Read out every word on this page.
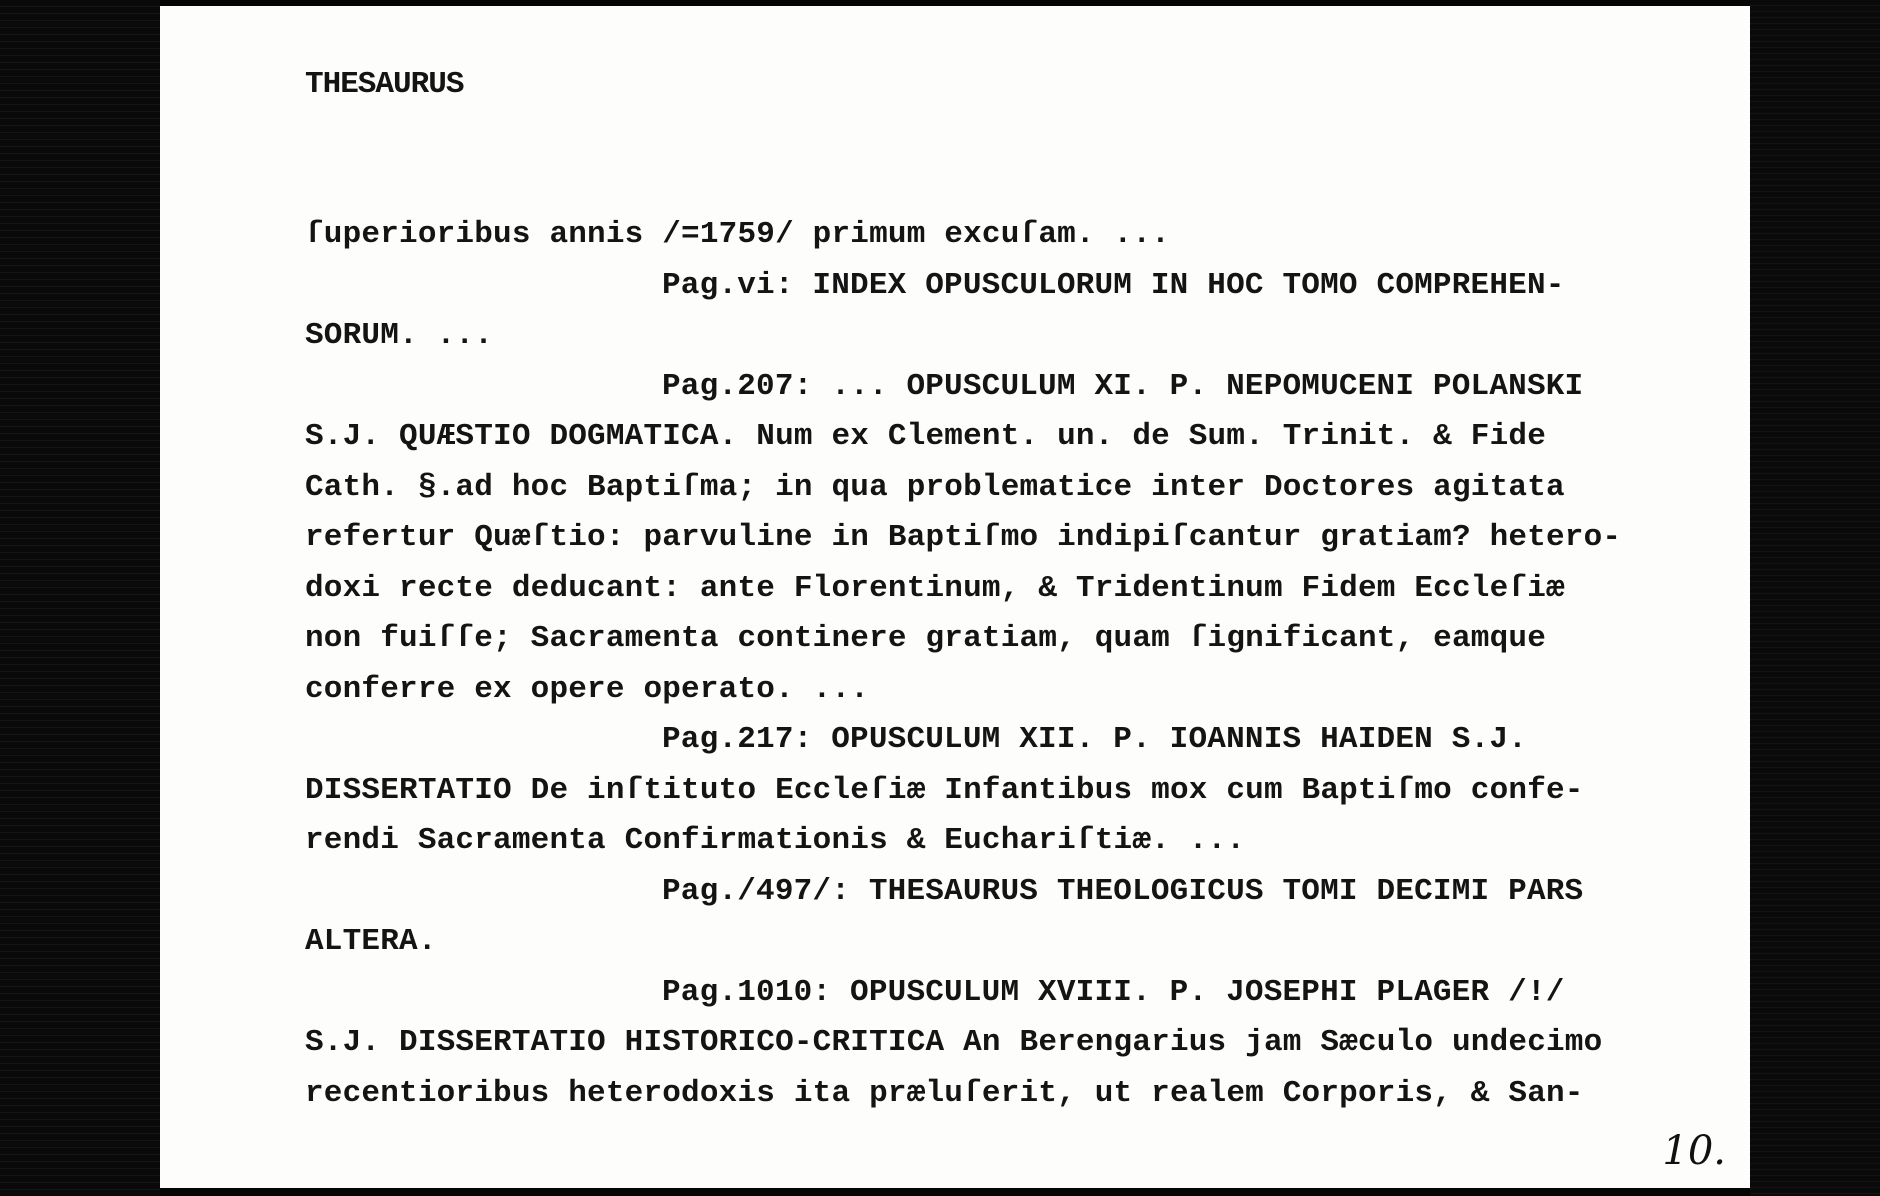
THESAURUS

ſuperioribus annis /=1759/ primum excuſam. ...

Pag.vi: INDEX OPUSCULORUM IN HOC TOMO COMPREHEN-

SORUM. ...

Pag.207: ... OPUSCULUM XI. P. NEPOMUCENI POLANSKI

S.J. QUÆSTIO DOGMATICA. Num ex Clement. un. de Sum. Trinit. & Fide

Cath. §.ad hoc Baptiſma; in qua problematice inter Doctores agitata

refertur Quæſtio: parvuline in Baptiſmo indipiſcantur gratiam? hetero-

doxi recte deducant: ante Florentinum, & Tridentinum Fidem Eccleſiæ

non fuiſſe; Sacramenta continere gratiam, quam ſignificant, eamque

conferre ex opere operato. ...

Pag.217: OPUSCULUM XII. P. IOANNIS HAIDEN S.J.

DISSERTATIO De inſtituto Eccleſiæ Infantibus mox cum Baptiſmo confe-

rendi Sacramenta Confirmationis & Euchariſtiæ. ...

Pag./497/: THESAURUS THEOLOGICUS TOMI DECIMI PARS

ALTERA.

Pag.1010: OPUSCULUM XVIII. P. JOSEPHI PLAGER /!/

S.J. DISSERTATIO HISTORICO-CRITICA An Berengarius jam Sæculo undecimo

recentioribus heterodoxis ita præluſerit, ut realem Corporis, & San-

10.
